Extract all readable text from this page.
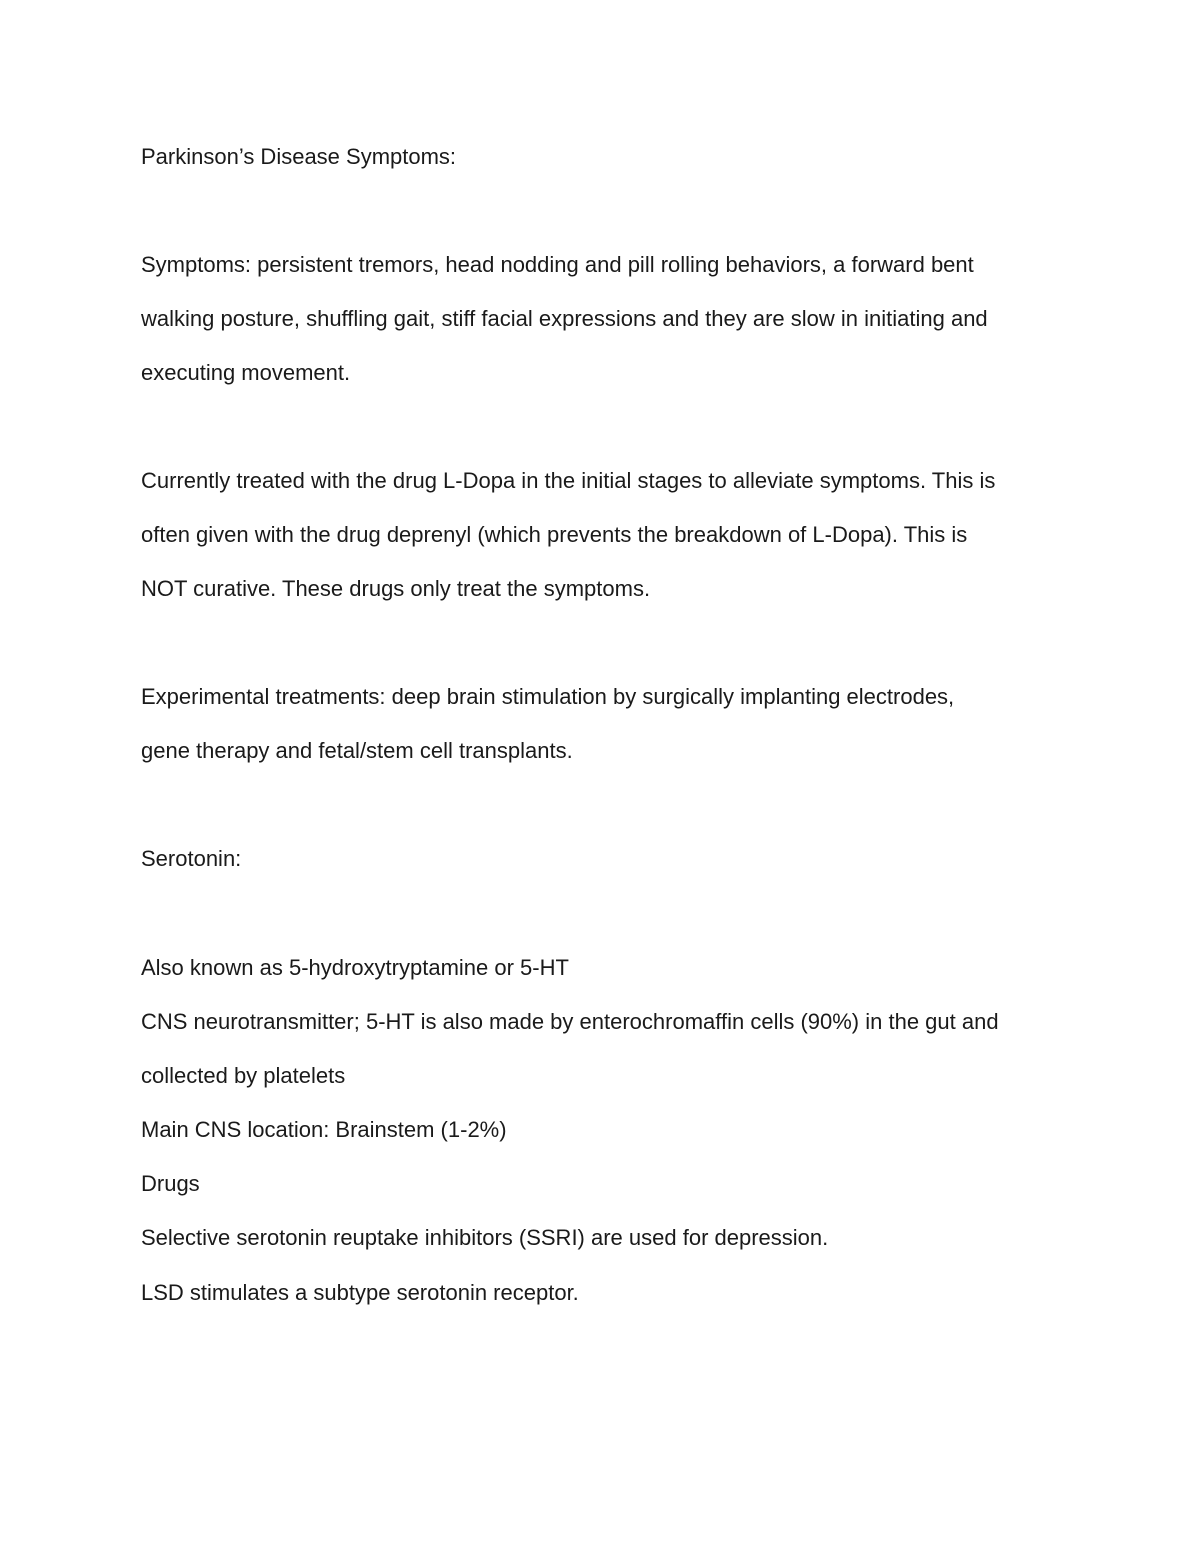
Parkinson’s Disease Symptoms:
Symptoms: persistent tremors, head nodding and pill rolling behaviors, a forward bent
walking posture, shuffling gait, stiff facial expressions and they are slow in initiating and
executing movement.
Currently treated with the drug L-Dopa in the initial stages to alleviate symptoms. This is
often given with the drug deprenyl (which prevents the breakdown of L-Dopa). This is
NOT curative. These drugs only treat the symptoms.
Experimental treatments: deep brain stimulation by surgically implanting electrodes,
gene therapy and fetal/stem cell transplants.
Serotonin:
Also known as 5-hydroxytryptamine or 5-HT
CNS neurotransmitter; 5-HT is also made by enterochromaffin cells (90%) in the gut and
collected by platelets
Main CNS location: Brainstem (1-2%)
Drugs
Selective serotonin reuptake inhibitors (SSRI) are used for depression.
LSD stimulates a subtype serotonin receptor.
